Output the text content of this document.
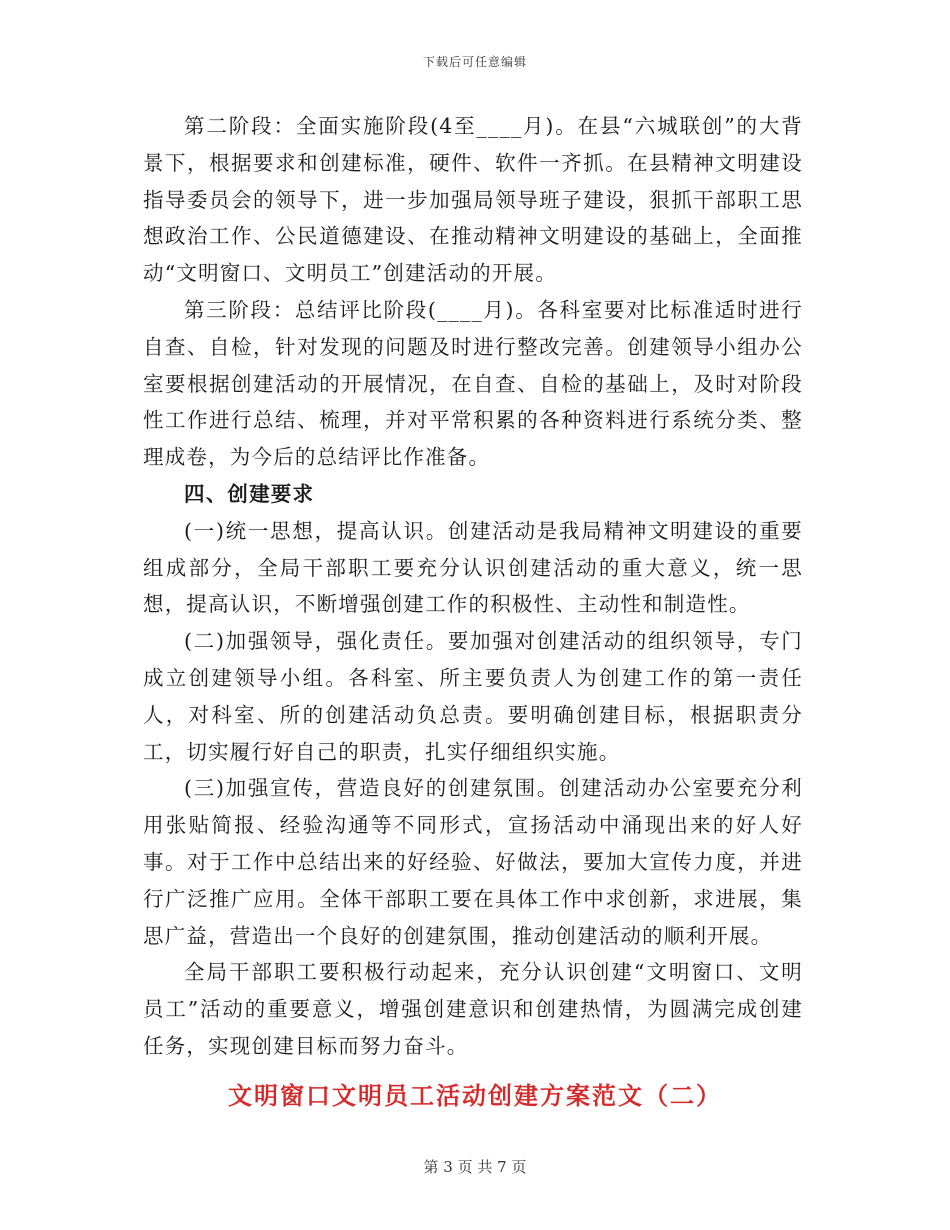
下载后可任意编辑

第二阶段：全面实施阶段(4至____月)。在县“六城联创”的大背景下，根据要求和创建标准，硬件、软件一齐抓。在县精神文明建设指导委员会的领导下，进一步加强局领导班子建设，狠抓干部职工思想政治工作、公民道德建设、在推动精神文明建设的基础上，全面推动“文明窗口、文明员工”创建活动的开展。

第三阶段：总结评比阶段(____月)。各科室要对比标准适时进行自查、自检，针对发现的问题及时进行整改完善。创建领导小组办公室要根据创建活动的开展情况，在自查、自检的基础上，及时对阶段性工作进行总结、梳理，并对平常积累的各种资料进行系统分类、整理成卷，为今后的总结评比作准备。

四、创建要求

(一)统一思想，提高认识。创建活动是我局精神文明建设的重要组成部分，全局干部职工要充分认识创建活动的重大意义，统一思想，提高认识，不断增强创建工作的积极性、主动性和制造性。

(二)加强领导，强化责任。要加强对创建活动的组织领导，专门成立创建领导小组。各科室、所主要负责人为创建工作的第一责任人，对科室、所的创建活动负总责。要明确创建目标，根据职责分工，切实履行好自己的职责，扎实仔细组织实施。

(三)加强宣传，营造良好的创建氛围。创建活动办公室要充分利用张贴简报、经验沟通等不同形式，宣扬活动中涌现出来的好人好事。对于工作中总结出来的好经验、好做法，要加大宣传力度，并进行广泛推广应用。全体干部职工要在具体工作中求创新，求进展，集思广益，营造出一个良好的创建氛围，推动创建活动的顺利开展。

全局干部职工要积极行动起来，充分认识创建“文明窗口、文明员工”活动的重要意义，增强创建意识和创建热情，为圆满完成创建任务，实现创建目标而努力奋斗。

文明窗口文明员工活动创建方案范文（二）
第 3 页 共 7 页
